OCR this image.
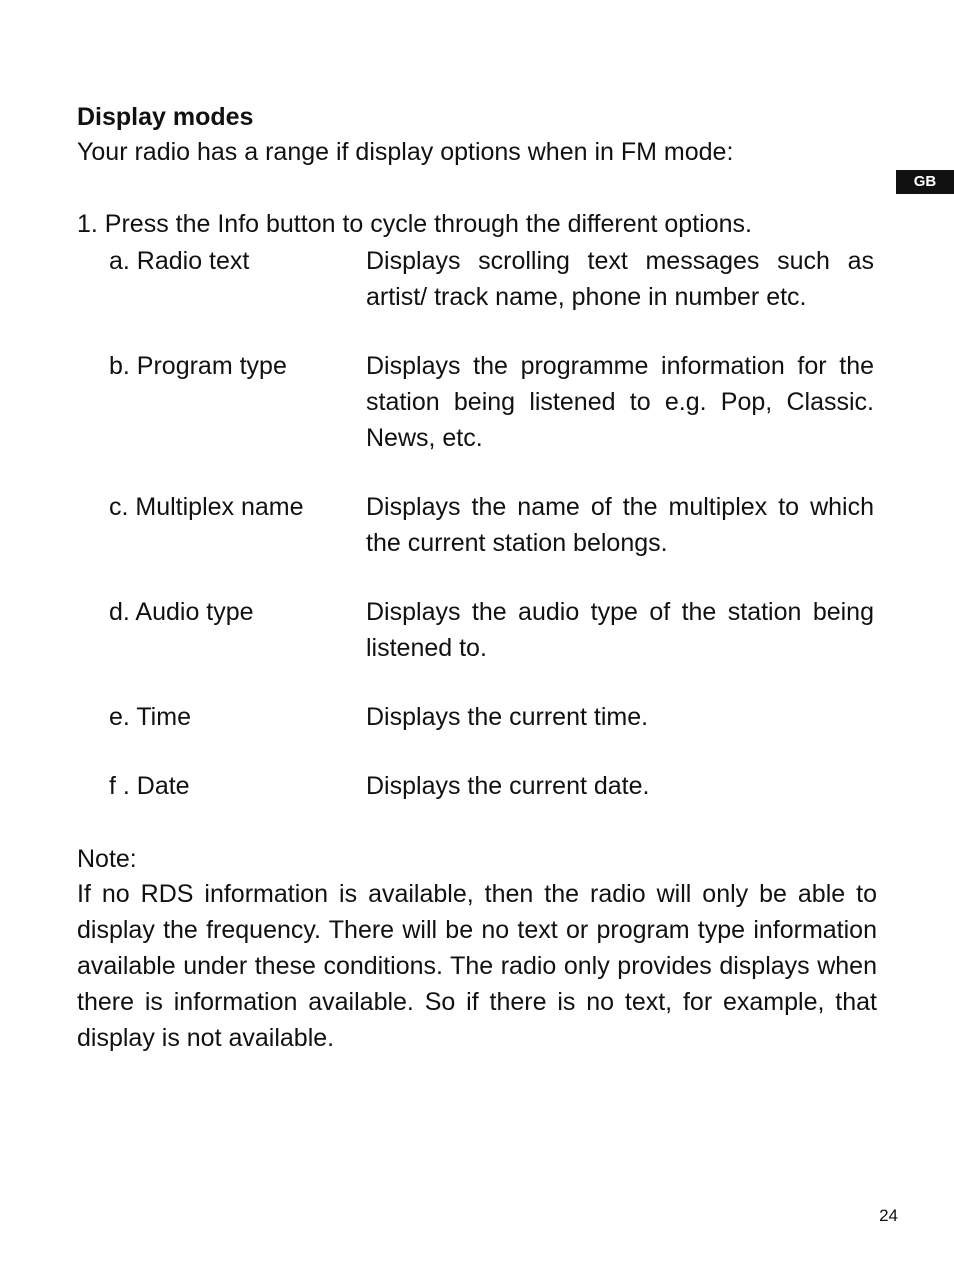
Display modes
Your radio has a range if display options when in FM mode:
GB
1. Press the Info button to cycle through the different options.
a. Radio text	Displays scrolling text messages such as artist/ track name, phone in number etc.
b. Program type	Displays the programme information for the station being listened to e.g. Pop, Classic. News, etc.
c. Multiplex name Displays the name of the multiplex to which the current station belongs.
d. Audio type	Displays the audio type of the station being listened to.
e. Time	Displays the current time.
f . Date	Displays the current date.
Note:
If no RDS information is available, then the radio will only be able to display the frequency. There will be no text or program type information available under these conditions. The radio only provides displays when there is information available. So if there is no text, for example, that display is not available.
24
